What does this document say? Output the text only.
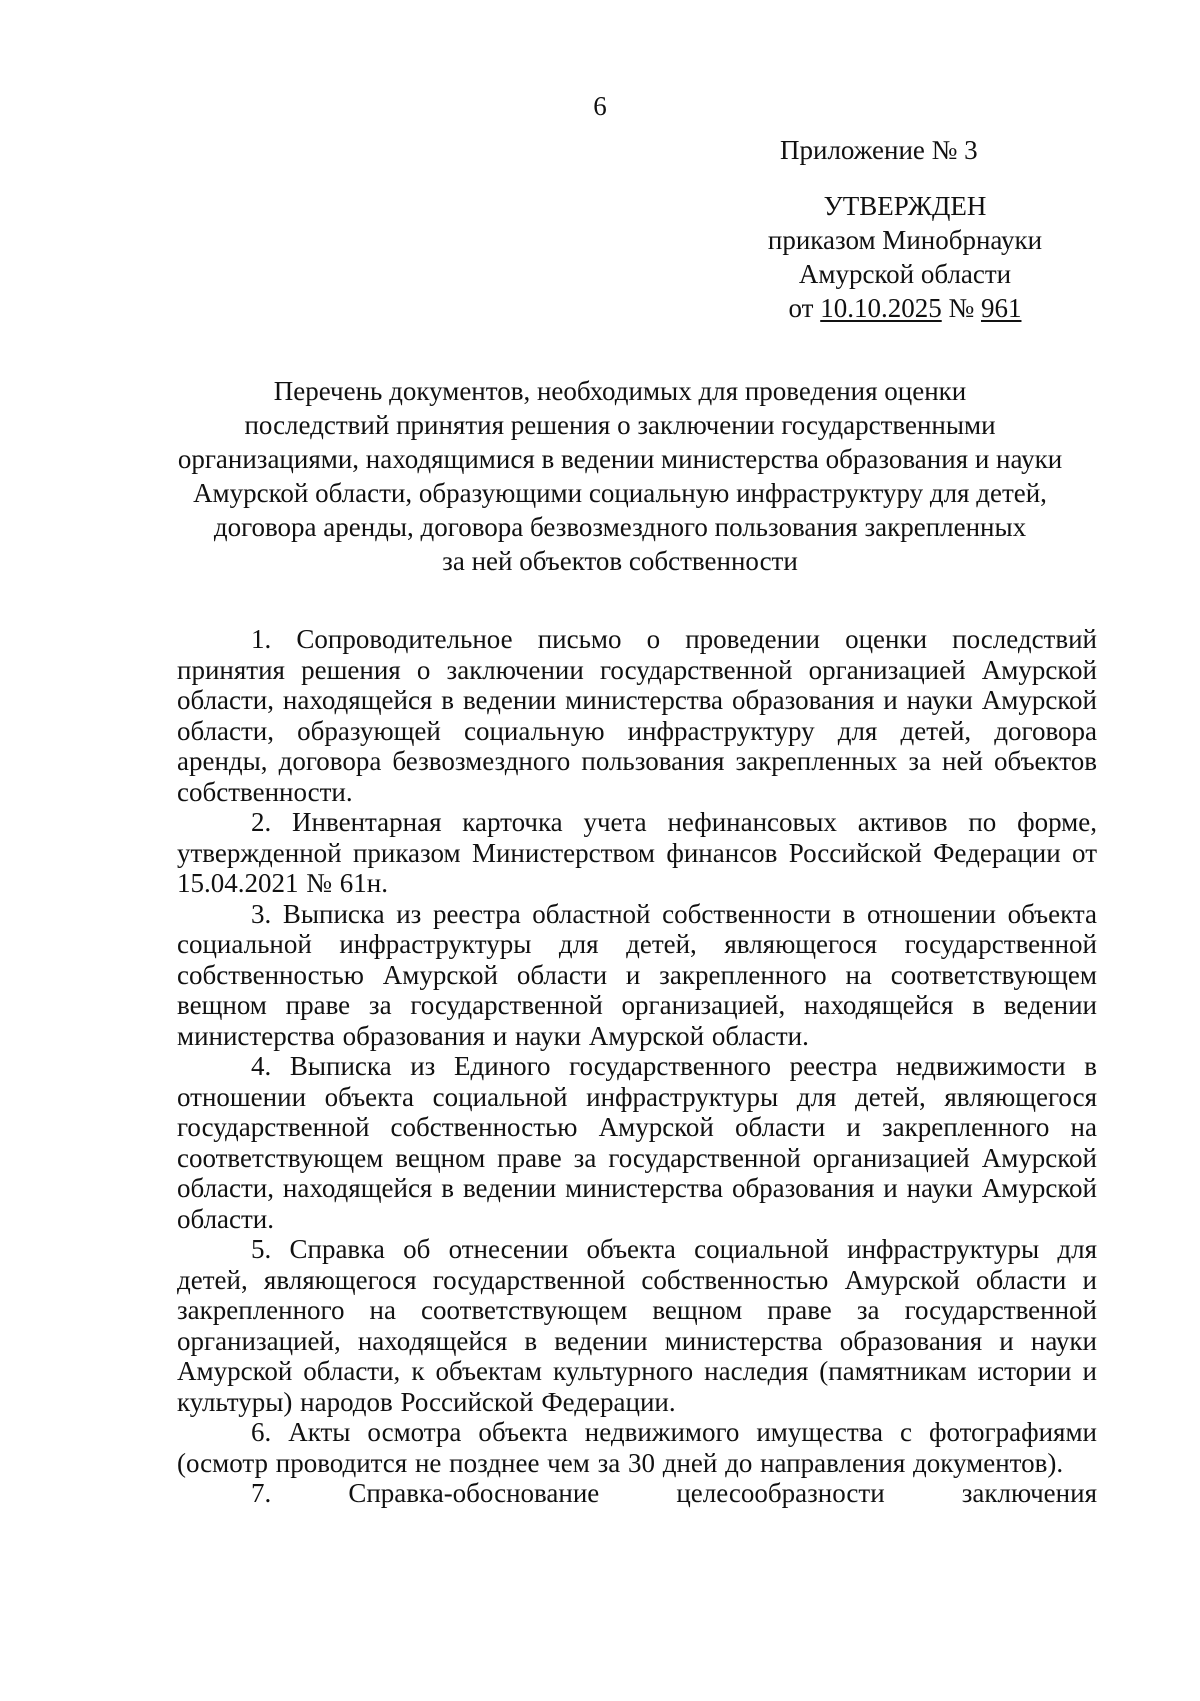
6
Приложение № 3
УТВЕРЖДЕН
приказом Минобрнауки
Амурской области
от 10.10.2025 № 961
Перечень документов, необходимых для проведения оценки
последствий принятия решения о заключении государственными
организациями, находящимися в ведении министерства образования и науки
Амурской области, образующими социальную инфраструктуру для детей,
договора аренды, договора безвозмездного пользования закрепленных
за ней объектов собственности

1. Сопроводительное письмо о проведении оценки последствий принятия решения о заключении государственной организацией Амурской области, находящейся в ведении министерства образования и науки Амурской области, образующей социальную инфраструктуру для детей, договора аренды, договора безвозмездного пользования закрепленных за ней объектов собственности.

2. Инвентарная карточка учета нефинансовых активов по форме, утвержденной приказом Министерством финансов Российской Федерации от 15.04.2021 № 61н.

3. Выписка из реестра областной собственности в отношении объекта социальной инфраструктуры для детей, являющегося государственной собственностью Амурской области и закрепленного на соответствующем вещном праве за государственной организацией, находящейся в ведении министерства образования и науки Амурской области.

4. Выписка из Единого государственного реестра недвижимости в отношении объекта социальной инфраструктуры для детей, являющегося государственной собственностью Амурской области и закрепленного на соответствующем вещном праве за государственной организацией Амурской области, находящейся в ведении министерства образования и науки Амурской области.

5. Справка об отнесении объекта социальной инфраструктуры для детей, являющегося государственной собственностью Амурской области и закрепленного на соответствующем вещном праве за государственной организацией, находящейся в ведении министерства образования и науки Амурской области, к объектам культурного наследия (памятникам истории и культуры) народов Российской Федерации.

6. Акты осмотра объекта недвижимого имущества с фотографиями (осмотр проводится не позднее чем за 30 дней до направления документов).

7.	Справка-обоснование	целесообразности	заключения
